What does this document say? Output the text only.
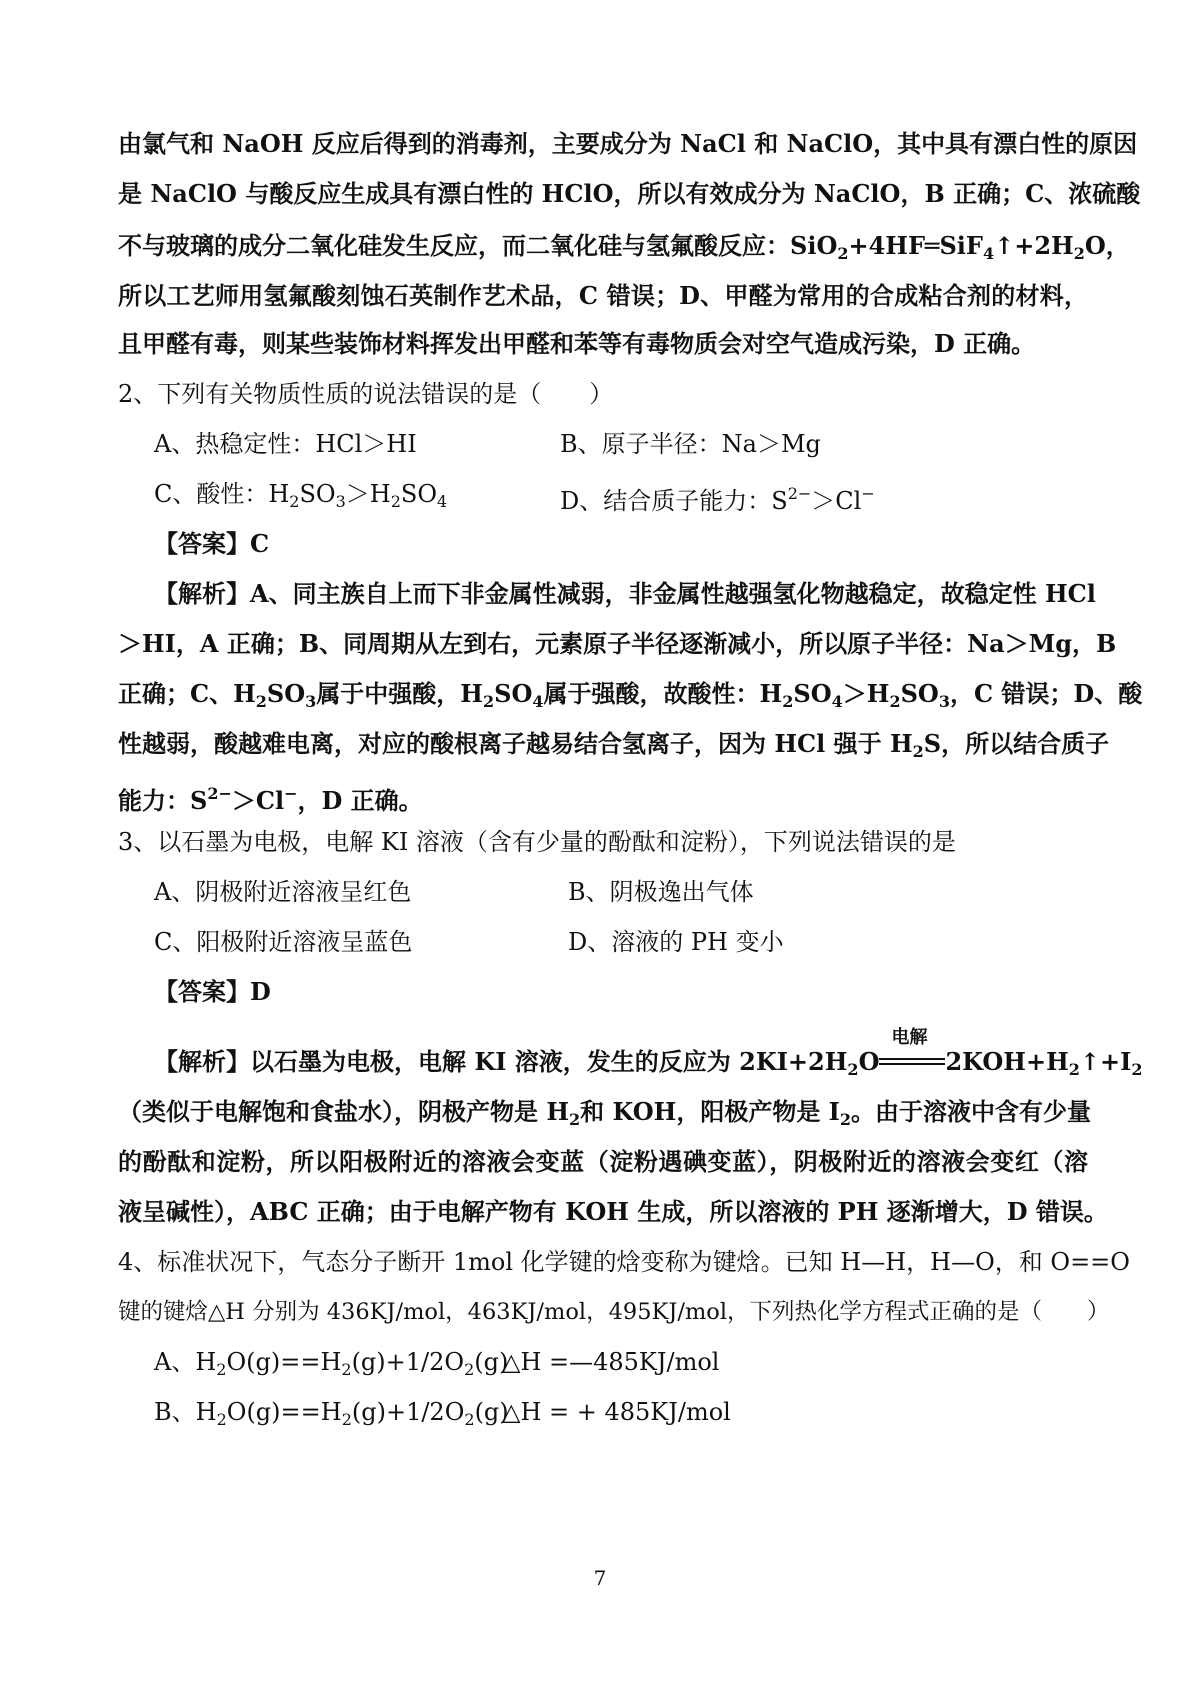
由氯气和 NaOH 反应后得到的消毒剂，主要成分为 NaCl 和 NaClO，其中具有漂白性的原因
是 NaClO 与酸反应生成具有漂白性的 HClO，所以有效成分为 NaClO，B 正确；C、浓硫酸
不与玻璃的成分二氧化硅发生反应，而二氧化硅与氢氟酸反应：$SiO_2+4HF═SiF_4↑+2H_2O$，
所以工艺师用氢氟酸刻蚀石英制作艺术品，C 错误；D、甲醛为常用的合成粘合剂的材料，
且甲醛有毒，则某些装饰材料挥发出甲醛和苯等有毒物质会对空气造成污染，D 正确。
2、下列有关物质性质的说法错误的是（　　）
A、热稳定性：HCl＞HI	B、原子半径：Na＞Mg
C、酸性：$H_2SO_3>H_2SO_4$	D、结合质子能力：$S^{2-}>Cl^-$
【答案】C
【解析】A、同主族自上而下非金属性减弱，非金属性越强氢化物越稳定，故稳定性 HCl
＞HI，A 正确；B、同周期从左到右，元素原子半径逐渐减小，所以原子半径：Na＞Mg，B
正确；C、$H_2SO_3$属于中强酸，$H_2SO_4$属于强酸，故酸性：$H_2SO_4>H_2SO_3$，C 错误；D、酸
性越弱，酸越难电离，对应的酸根离子越易结合氢离子，因为 HCl 强于 $H_2S$，所以结合质子
能力：$S^{2-}>Cl^-$，D 正确。
3、以石墨为电极，电解 KI 溶液（含有少量的酚酞和淀粉），下列说法错误的是
A、阴极附近溶液呈红色	B、阴极逸出气体
C、阳极附近溶液呈蓝色	D、溶液的 PH 变小
【答案】D
【解析】以石墨为电极，电解 KI 溶液，发生的反应为 $2KI+2H_2O$
电解
$2KOH+H_2↑+I_2$
（类似于电解饱和食盐水），阴极产物是 $H_2$和 KOH，阳极产物是 $I_2$。由于溶液中含有少量
的酚酞和淀粉，所以阳极附近的溶液会变蓝（淀粉遇碘变蓝），阴极附近的溶液会变红（溶
液呈碱性），ABC 正确；由于电解产物有 KOH 生成，所以溶液的 PH 逐渐增大，D 错误。
4、标准状况下，气态分子断开 1mol 化学键的焓变称为键焓。已知 H—H，H—O，和 O==O
键的键焓△H 分别为 436KJ/mol，463KJ/mol，495KJ/mol，下列热化学方程式正确的是（　　）
A、$H_2O(g)==H_2(g)+1/2O_2(g)$
△H =—485KJ/mol
B、$H_2O(g)==H_2(g)+1/2O_2(g)$
△H = + 485KJ/mol
7
